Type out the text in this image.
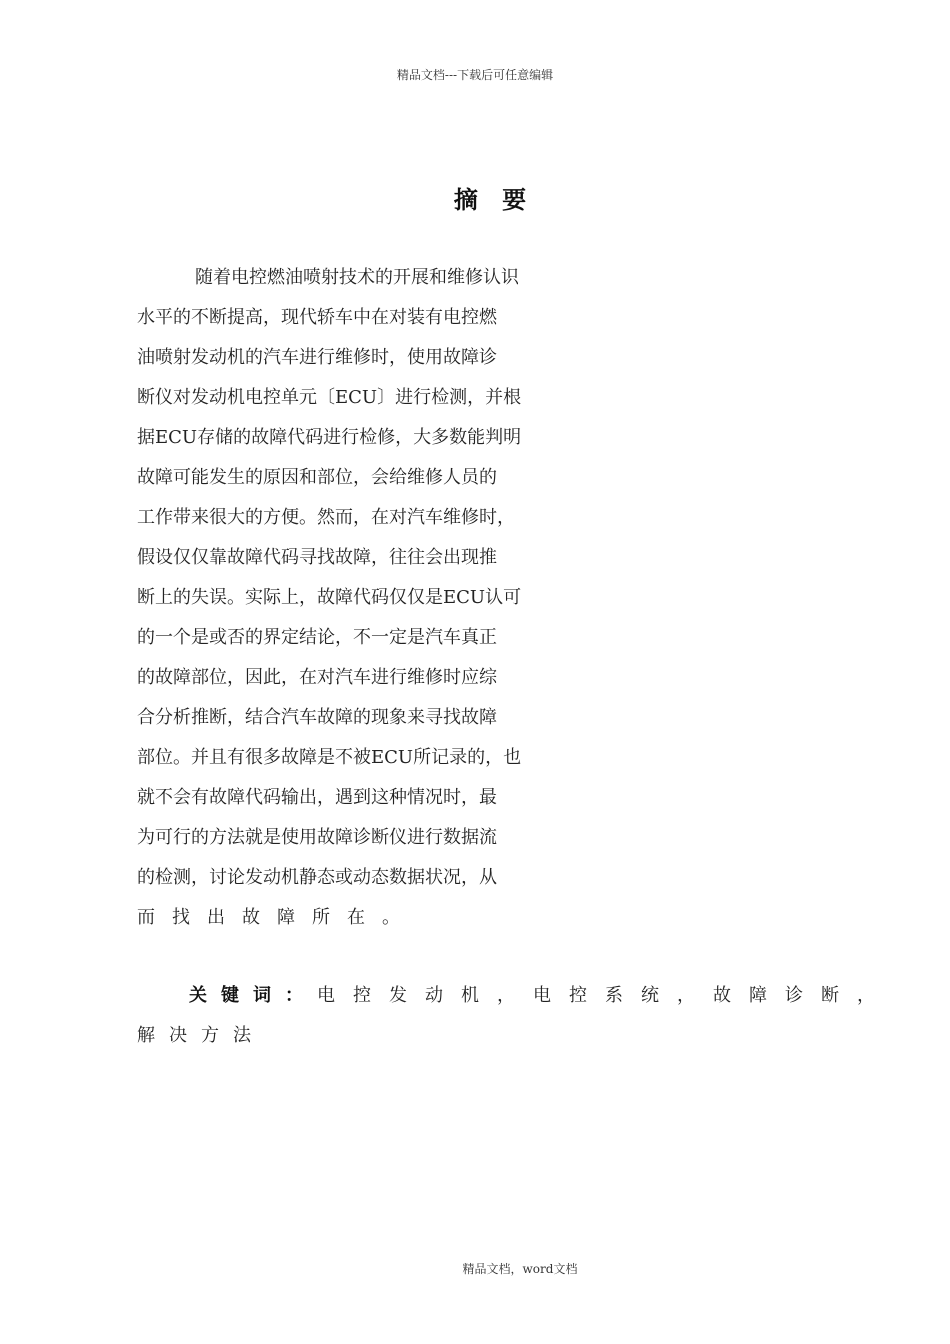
精品文档---下载后可任意编辑
摘 要
随着电控燃油喷射技术的开展和维修认识
水平的不断提高，现代轿车中在对装有电控燃
油喷射发动机的汽车进行维修时，使用故障诊
断仪对发动机电控单元〔ECU〕进行检测，并根
据ECU存储的故障代码进行检修，大多数能判明
故障可能发生的原因和部位，会给维修人员的
工作带来很大的方便。然而，在对汽车维修时，
假设仅仅靠故障代码寻找故障，往往会出现推
断上的失误。实际上，故障代码仅仅是ECU认可
的一个是或否的界定结论，不一定是汽车真正
的故障部位，因此，在对汽车进行维修时应综
合分析推断，结合汽车故障的现象来寻找故障
部位。并且有很多故障是不被ECU所记录的，也
就不会有故障代码输出，遇到这种情况时，最
为可行的方法就是使用故障诊断仪进行数据流
的检测，讨论发动机静态或动态数据状况，从
而找出故障所在。
关键词：电控发动机，电控系统，故障诊断，
解决方法
精品文档，word文档
